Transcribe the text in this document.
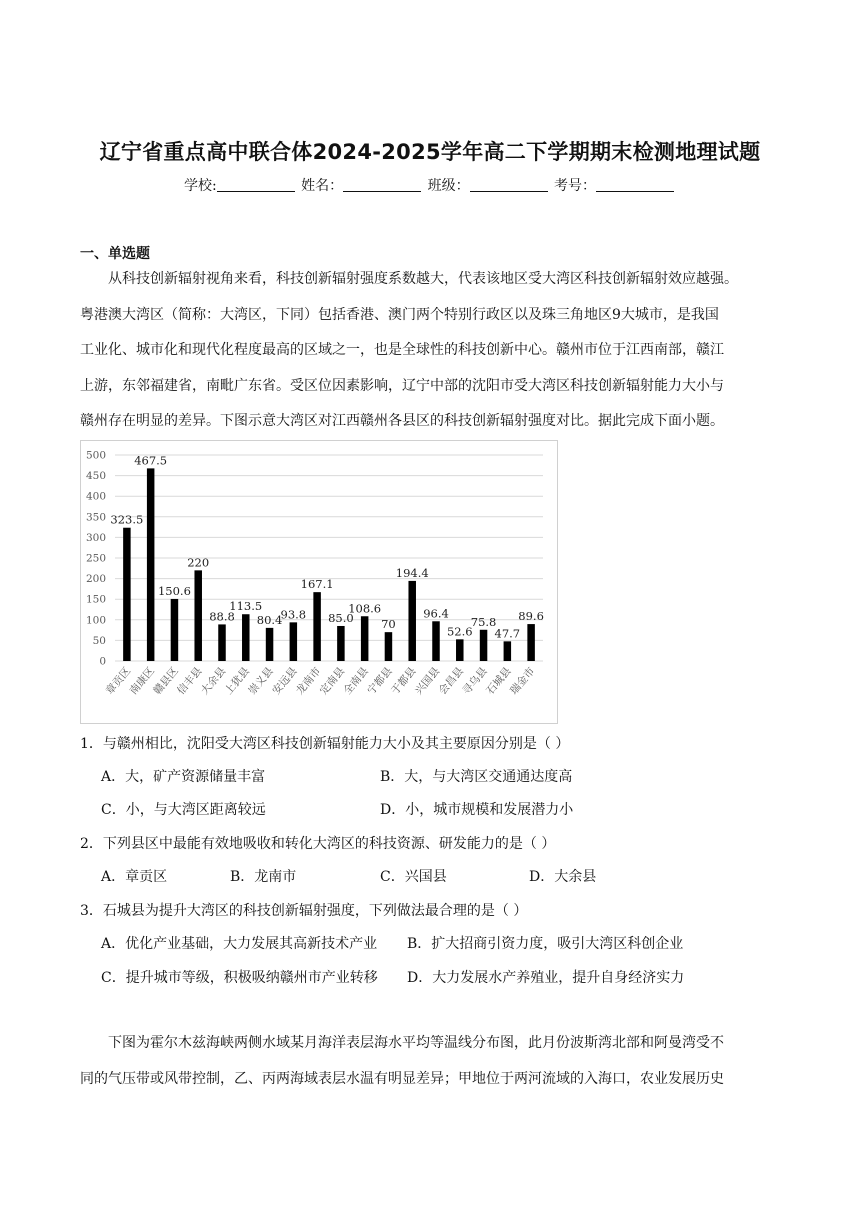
辽宁省重点高中联合体2024-2025学年高二下学期期末检测地理试题
学校:	姓名：	班级：	考号：
一、单选题
从科技创新辐射视角来看，科技创新辐射强度系数越大，代表该地区受大湾区科技创新辐射效应越强。
粤港澳大湾区（简称：大湾区，下同）包括香港、澳门两个特别行政区以及珠三角地区9大城市，是我国
工业化、城市化和现代化程度最高的区域之一，也是全球性的科技创新中心。赣州市位于江西南部，赣江
上游，东邻福建省，南毗广东省。受区位因素影响，辽宁中部的沈阳市受大湾区科技创新辐射能力大小与
赣州存在明显的差异。下图示意大湾区对江西赣州各县区的科技创新辐射强度对比。据此完成下面小题。
0
50
100
150
200
250
300
350
400
450
500
323.5
章贡区
467.5
南康区
150.6
赣县区
220
信丰县
88.8
大余县
113.5
上犹县
80.4
崇义县
93.8
安远县
167.1
龙南市
85.0
定南县
108.6
全南县
70
宁都县
194.4
于都县
96.4
兴国县
52.6
会昌县
75.8
寻乌县
47.7
石城县
89.6
瑞金市
1．与赣州相比，沈阳受大湾区科技创新辐射能力大小及其主要原因分别是（ ）
A．大，矿产资源储量丰富	B．大，与大湾区交通通达度高
C．小，与大湾区距离较远	D．小，城市规模和发展潜力小
2．下列县区中最能有效地吸收和转化大湾区的科技资源、研发能力的是（ ）
A．章贡区	B．龙南市	C．兴国县	D．大余县
3．石城县为提升大湾区的科技创新辐射强度，下列做法最合理的是（ ）
A．优化产业基础，大力发展其高新技术产业 B．扩大招商引资力度，吸引大湾区科创企业
C．提升城市等级，积极吸纳赣州市产业转移 D．大力发展水产养殖业，提升自身经济实力
下图为霍尔木兹海峡两侧水域某月海洋表层海水平均等温线分布图，此月份波斯湾北部和阿曼湾受不
同的气压带或风带控制，乙、丙两海域表层水温有明显差异；甲地位于两河流域的入海口，农业发展历史
